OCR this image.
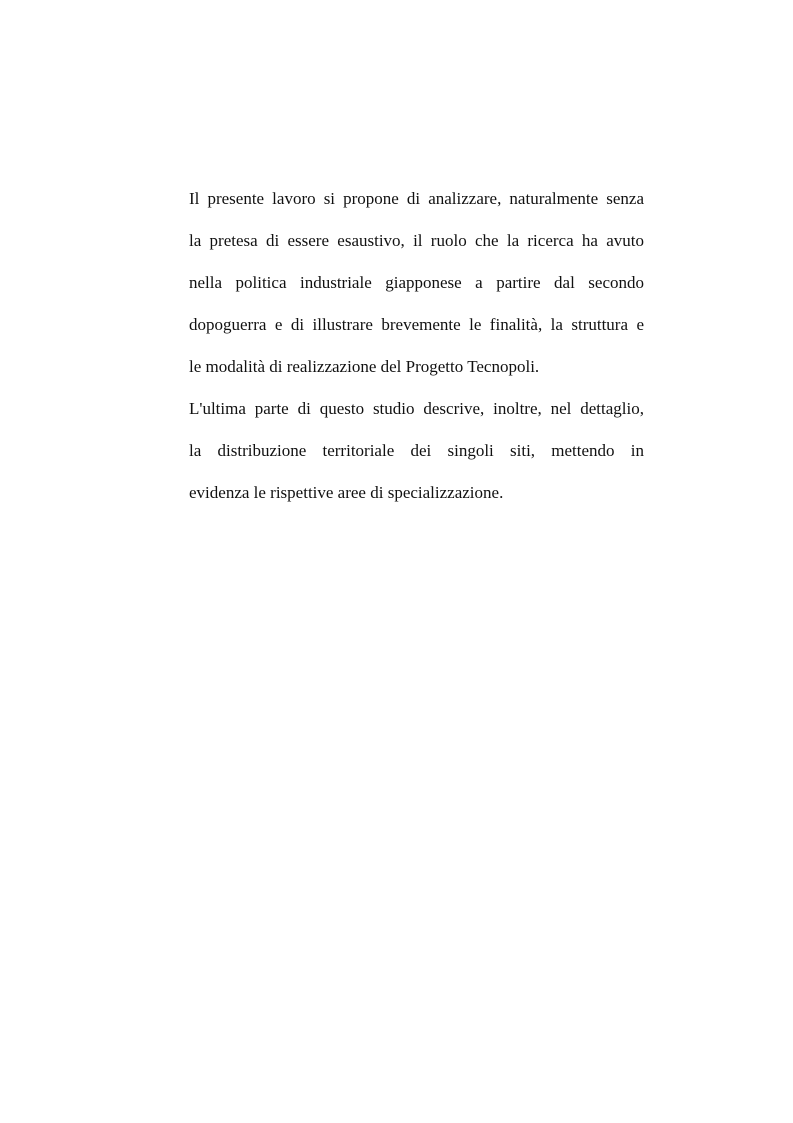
Il presente lavoro si propone di analizzare, naturalmente senza
la pretesa di essere esaustivo, il ruolo che la ricerca ha avuto
nella politica industriale giapponese a partire dal secondo
dopoguerra e di illustrare brevemente le finalità, la struttura e
le modalità di realizzazione del Progetto Tecnopoli.

L'ultima parte di questo studio descrive, inoltre, nel dettaglio,
la distribuzione territoriale dei singoli siti, mettendo in
evidenza le rispettive aree di specializzazione.
